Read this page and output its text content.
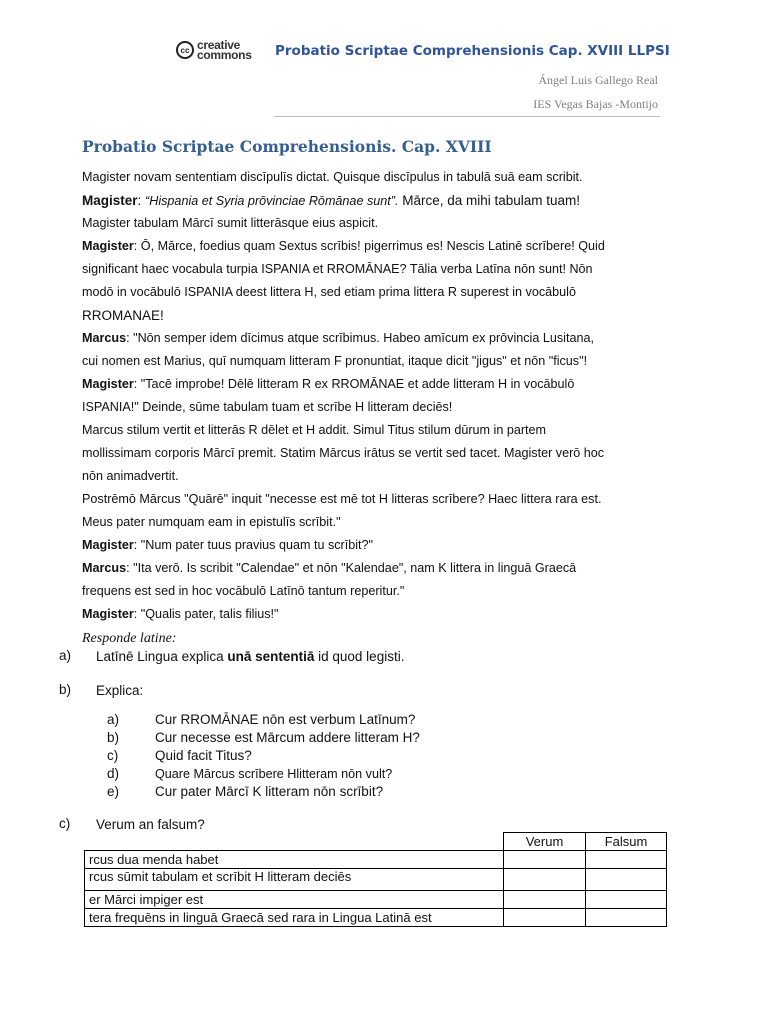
cc creative
commons Probatio Scriptae Comprehensionis Cap. XVIII LLPSI
Ángel Luis Gallego Real
IES Vegas Bajas -Montijo
Probatio Scriptae Comprehensionis. Cap. XVIII
Magister novam sententiam discīpulīs dictat. Quisque discīpulus in tabulā suā eam scribit.
Magister: “Hispania et Syria prōvinciae Rōmānae sunt”. Mārce, da mihi tabulam tuam!
Magister tabulam Mārcī sumit litterāsque eius aspicit.
Magister: Ō, Mārce, foedius quam Sextus scrībis! pigerrimus es! Nescis Latinē scrībere! Quid
significant haec vocabula turpia ISPANIA et RROMĀNAE? Tālia verba Latīna nōn sunt! Nōn
modō in vocābulō ISPANIA deest littera H, sed etiam prima littera R superest in vocābulō
RROMANAE!
Marcus: "Nōn semper idem dīcimus atque scrībimus. Habeo amīcum ex prōvincia Lusitana,
cui nomen est Marius, quī numquam litteram F pronuntiat, itaque dicit "jigus" et nōn "ficus"!
Magister: "Tacē improbe! Dēlē litteram R ex RROMĀNAE et adde litteram H in vocābulō
ISPANIA!" Deinde, sūme tabulam tuam et scrībe H litteram deciēs!
Marcus stilum vertit et litterās R dēlet et H addit. Simul Titus stilum dūrum in partem
mollissimam corporis Mārcī premit. Statim Mārcus irātus se vertit sed tacet. Magister verō hoc
nōn animadvertit.
Postrēmō Mārcus "Quārē" inquit "necesse est mē tot H litteras scrībere? Haec littera rara est.
Meus pater numquam eam in epistulīs scrībit."
Magister: "Num pater tuus pravius quam tu scrībit?"
Marcus: "Ita verō. Is scribit "Calendae" et nōn "Kalendae", nam K littera in linguā Graecā
frequens est sed in hoc vocābulō Latīnō tantum reperitur."
Magister: "Qualis pater, talis filius!"
Responde latine:
a) Latīnē Lingua explica unā sententiā id quod legisti.
b) Explica:
a)	Cur RROMĀNAE nōn est verbum Latīnum?
b)	Cur necesse est Mārcum addere litteram H?
c)	Quid facit Titus?
d)	Quare Mārcus scrībere Hlitteram nōn vult?
e)	Cur pater Mārcī K litteram nōn scrībit?
c) Verum an falsum?
	Verum	Falsum
rcus dua menda habet		
rcus sūmit tabulam et scrībit H litteram deciēs		
er Mārci impiger est		
tera frequēns in linguā Graecā sed rara in Lingua Latinā est		
